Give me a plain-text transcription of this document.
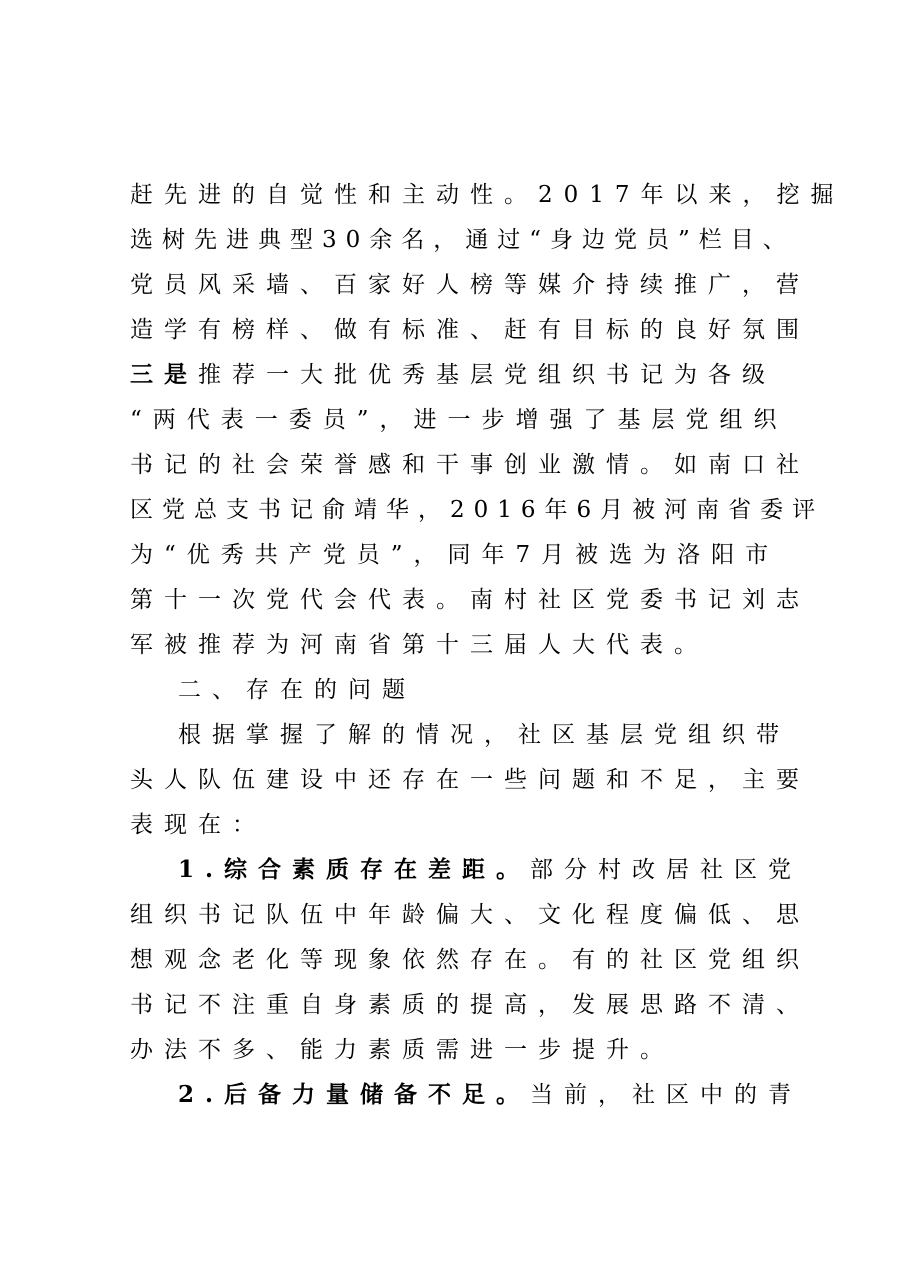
赶先进的自觉性和主动性。2017年以来，挖掘
选树先进典型30余名，通过“身边党员”栏目、
党员风采墙、百家好人榜等媒介持续推广，营
造学有榜样、做有标准、赶有目标的良好氛围
三是推荐一大批优秀基层党组织书记为各级
“两代表一委员”，进一步增强了基层党组织
书记的社会荣誉感和干事创业激情。如南口社
区党总支书记俞靖华，2016年6月被河南省委评
为“优秀共产党员”，同年7月被选为洛阳市
第十一次党代会代表。南村社区党委书记刘志
军被推荐为河南省第十三届人大代表。
二、存在的问题
根据掌握了解的情况，社区基层党组织带
头人队伍建设中还存在一些问题和不足，主要
表现在：
1.综合素质存在差距。部分村改居社区党
组织书记队伍中年龄偏大、文化程度偏低、思
想观念老化等现象依然存在。有的社区党组织
书记不注重自身素质的提高，发展思路不清、
办法不多、能力素质需进一步提升。
2.后备力量储备不足。当前，社区中的青
